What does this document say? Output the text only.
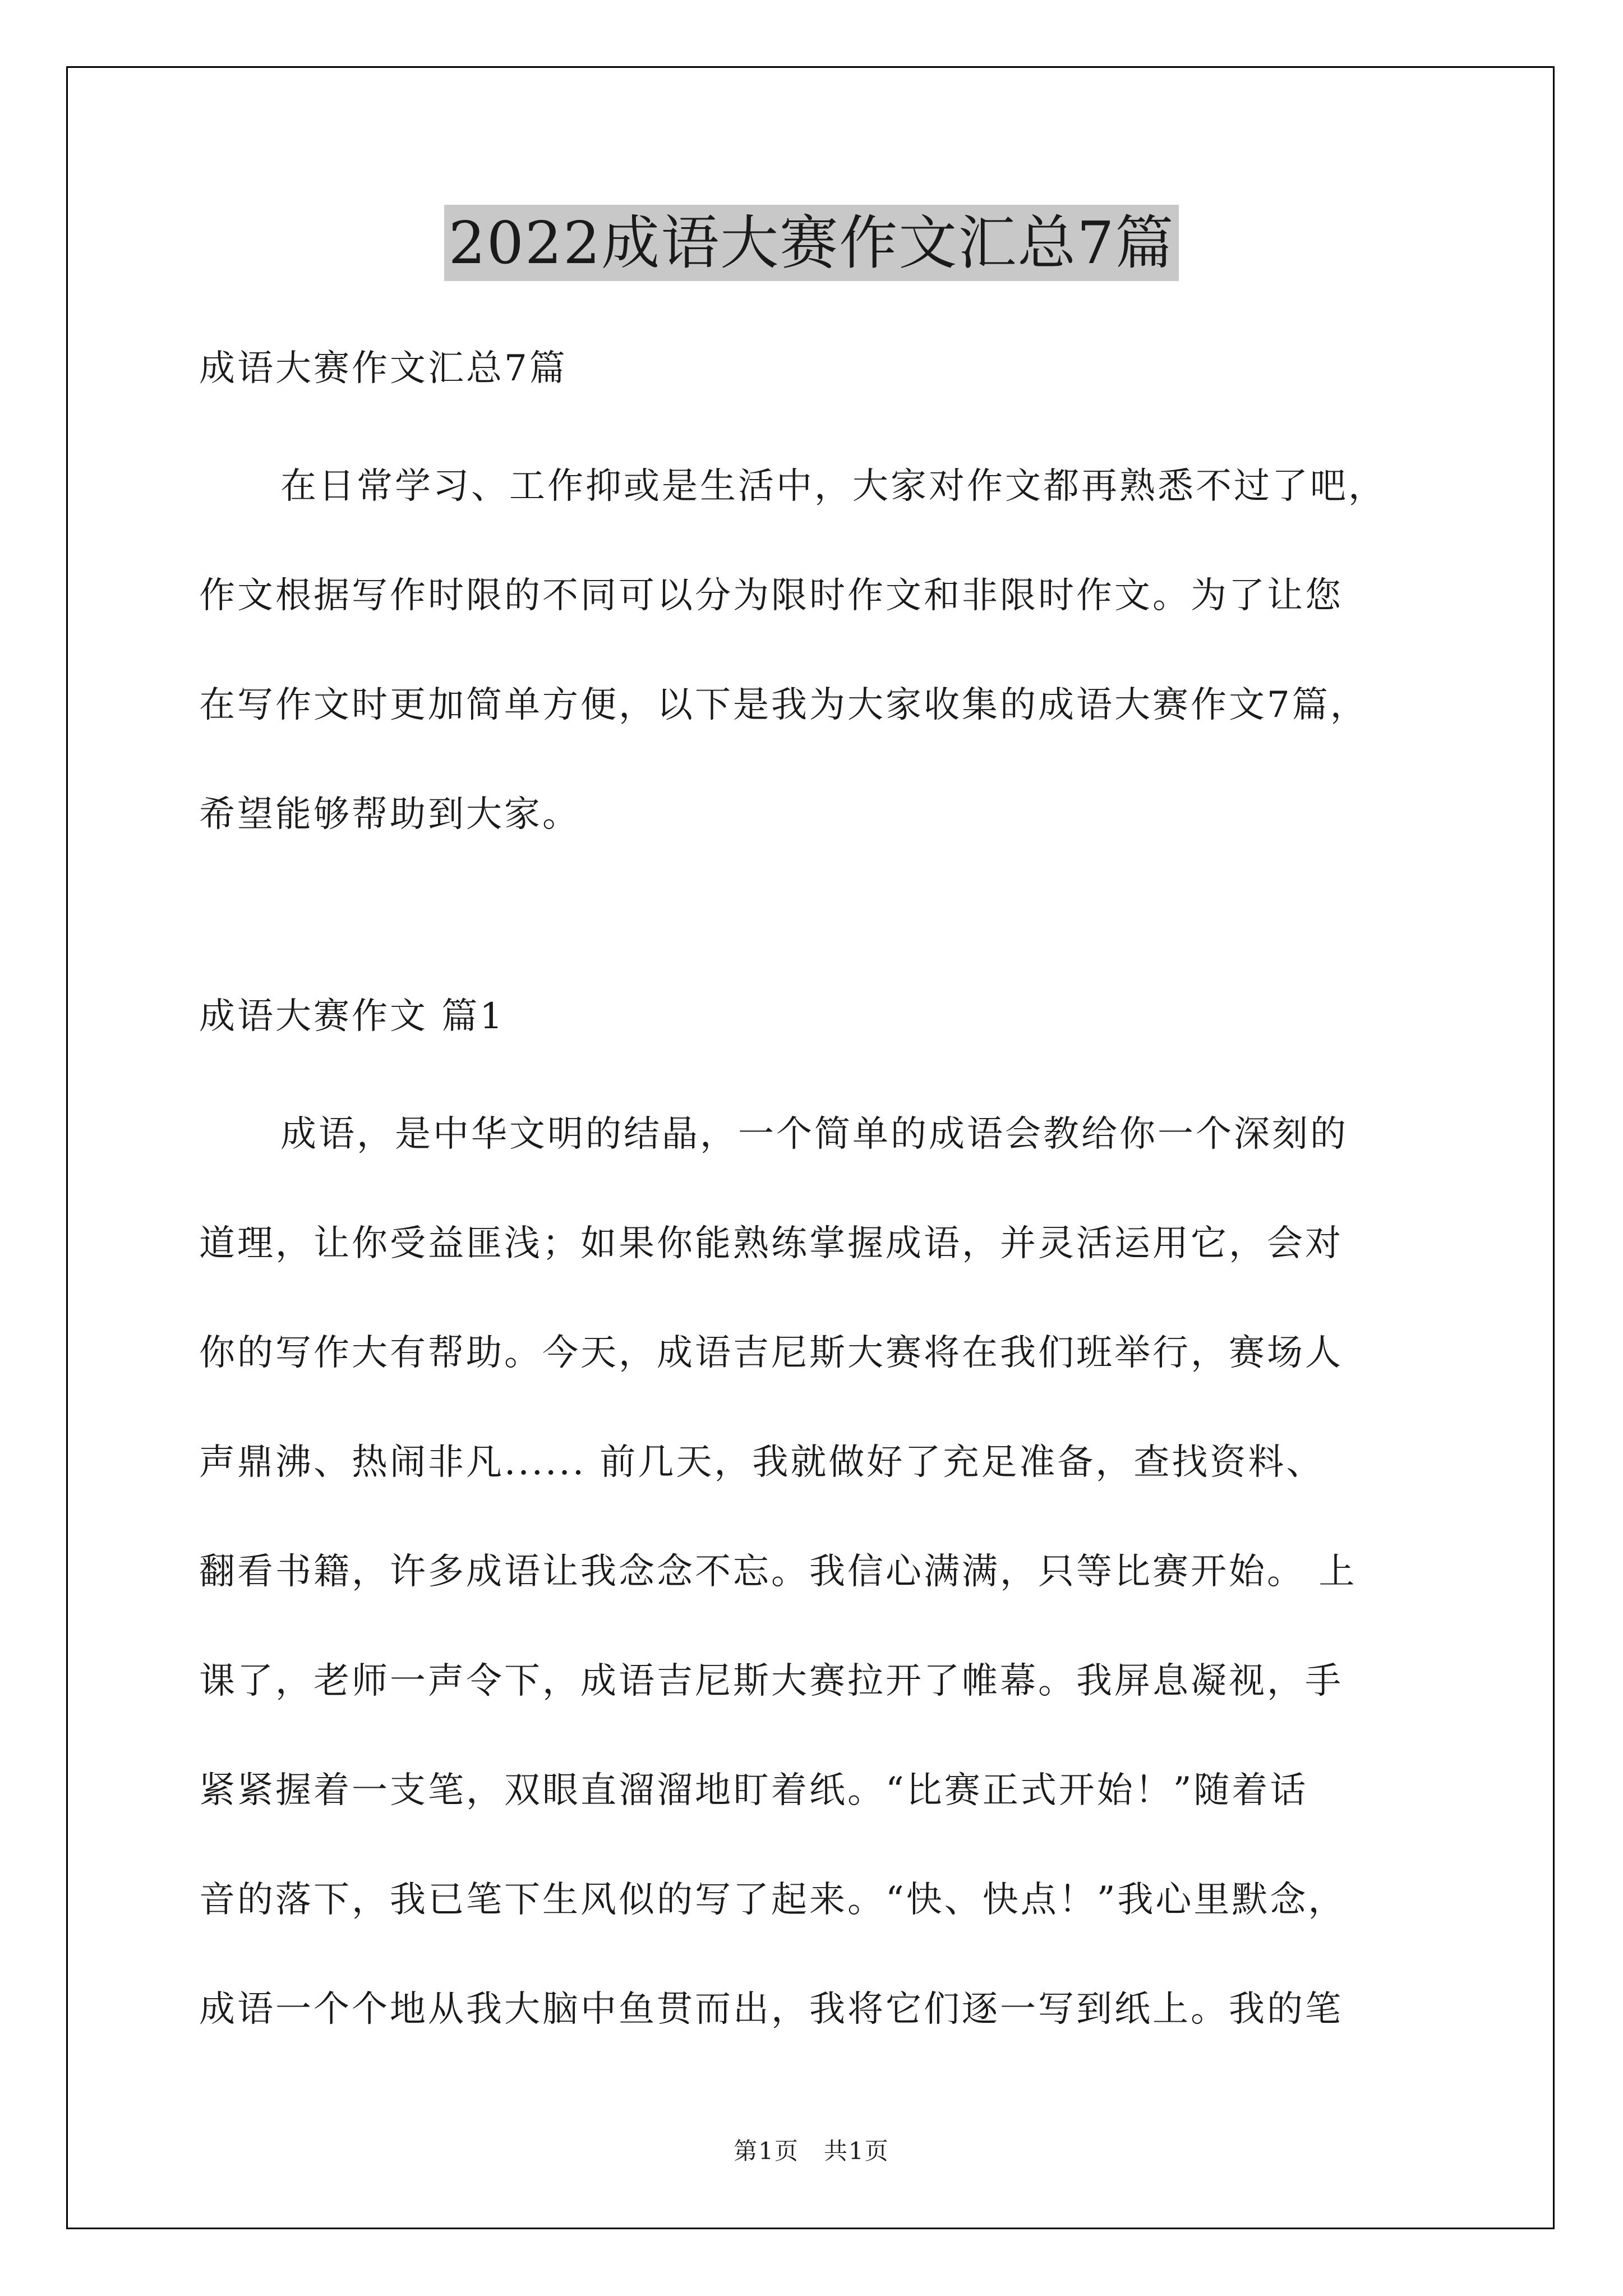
2022成语大赛作文汇总7篇
成语大赛作文汇总7篇
在日常学习、工作抑或是生活中，大家对作文都再熟悉不过了吧，
作文根据写作时限的不同可以分为限时作文和非限时作文。为了让您
在写作文时更加简单方便，以下是我为大家收集的成语大赛作文7篇，
希望能够帮助到大家。
成语大赛作文 篇1
成语，是中华文明的结晶，一个简单的成语会教给你一个深刻的
道理，让你受益匪浅；如果你能熟练掌握成语，并灵活运用它，会对
你的写作大有帮助。今天，成语吉尼斯大赛将在我们班举行，赛场人
声鼎沸、热闹非凡...... 前几天，我就做好了充足准备，查找资料、
翻看书籍，许多成语让我念念不忘。我信心满满，只等比赛开始。 上
课了，老师一声令下，成语吉尼斯大赛拉开了帷幕。我屏息凝视，手
紧紧握着一支笔，双眼直溜溜地盯着纸。“比赛正式开始！”随着话
音的落下，我已笔下生风似的写了起来。“快、快点！”我心里默念，
成语一个个地从我大脑中鱼贯而出，我将它们逐一写到纸上。我的笔
第1页　共1页
